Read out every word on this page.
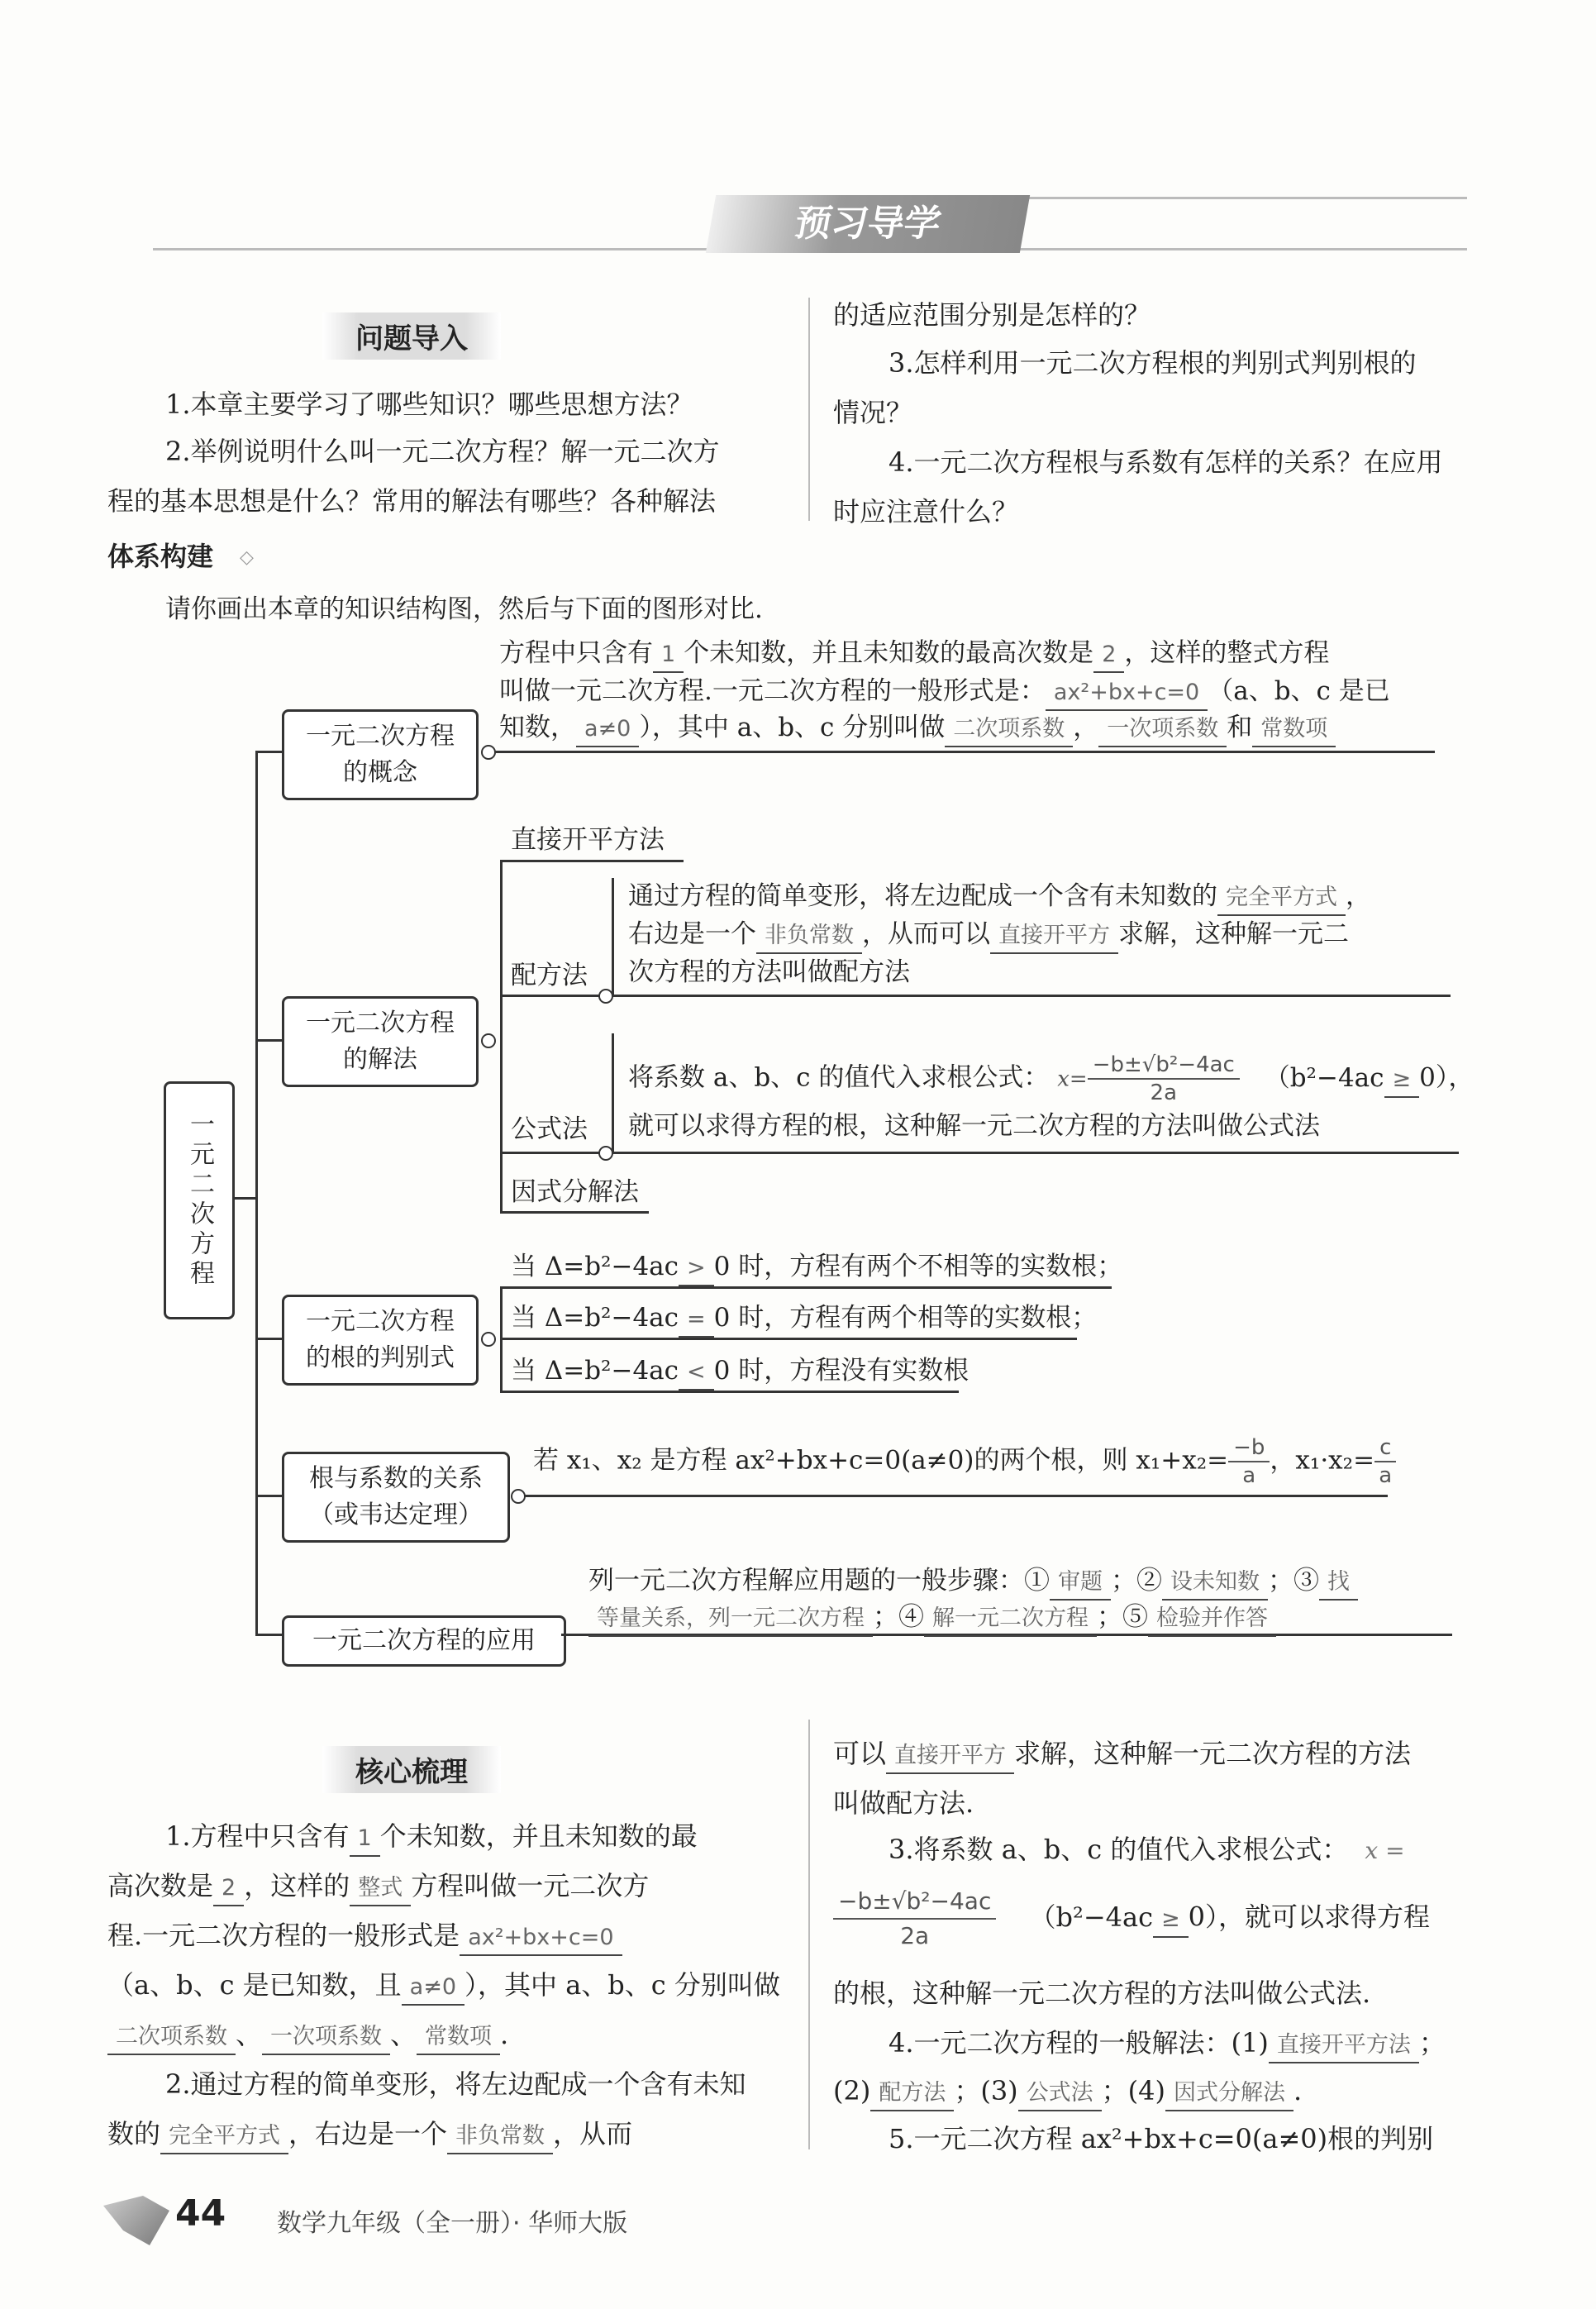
预习导学
问题导入
1.本章主要学习了哪些知识？哪些思想方法？
2.举例说明什么叫一元二次方程？解一元二次方
程的基本思想是什么？常用的解法有哪些？各种解法
的适应范围分别是怎样的？
3.怎样利用一元二次方程根的判别式判别根的
情况？
4.一元二次方程根与系数有怎样的关系？在应用
时应注意什么？
体系构建 ◇
请你画出本章的知识结构图，然后与下面的图形对比.
一元二次方程
一元二次方程的概念
方程中只含有 1 个未知数，并且未知数的最高次数是 2 ，这样的整式方程
叫做一元二次方程.一元二次方程的一般形式是： ax²+bx+c=0 （a、b、c 是已
知数， a≠0 ），其中 a、b、c 分别叫做 二次项系数 ， 一次项系数 和 常数项
一元二次方程的解法
直接开平方法
配方法
通过方程的简单变形，将左边配成一个含有未知数的 完全平方式 ，
右边是一个 非负常数 ，从而可以 直接开平方 求解，这种解一元二
次方程的方法叫做配方法
公式法
将系数 a、b、c 的值代入求根公式： $x= \frac{\text{−b±√b²−4ac}}{2a} (b^2-4ac \ge 0)$，
就可以求得方程的根，这种解一元二次方程的方法叫做公式法
因式分解法
一元二次方程的根的判别式
当 Δ=b²−4ac > 0 时，方程有两个不相等的实数根；
当 Δ=b²−4ac = 0 时，方程有两个相等的实数根；
当 Δ=b²−4ac < 0 时，方程没有实数根
根与系数的关系（或韦达定理）
若 x₁、x₂ 是方程 ax²+bx+c=0(a≠0)的两个根，则 $x_1+x_2= \frac{-b}{a}$ ，$x_1\cdot x_2= \frac{c}{a}$
一元二次方程的应用
列一元二次方程解应用题的一般步骤：① 审题 ；② 设未知数 ；③ 找
等量关系，列一元二次方程 ；④ 解一元二次方程 ；⑤ 检验并作答
核心梳理
1.方程中只含有 1 个未知数，并且未知数的最
高次数是 2 ，这样的 整式 方程叫做一元二次方
程.一元二次方程的一般形式是 ax²+bx+c=0
（a、b、c 是已知数，且 a≠0 ），其中 a、b、c 分别叫做
二次项系数 、 一次项系数 、 常数项 .
2.通过方程的简单变形，将左边配成一个含有未知
数的 完全平方式 ，右边是一个 非负常数 ，从而
可以 直接开平方 求解，这种解一元二次方程的方法
叫做配方法.
3.将系数 a、b、c 的值代入求根公式： x =
$\frac{\text{−b±√b²−4ac}}{2a} (b^2-4ac \ge 0)$，就可以求得方程
的根，这种解一元二次方程的方法叫做公式法.
4.一元二次方程的一般解法：(1) 直接开平方法 ；
(2) 配方法 ；(3) 公式法 ；(4) 因式分解法 .
5.一元二次方程 ax²+bx+c=0(a≠0)根的判别
44 数学九年级（全一册）· 华师大版
